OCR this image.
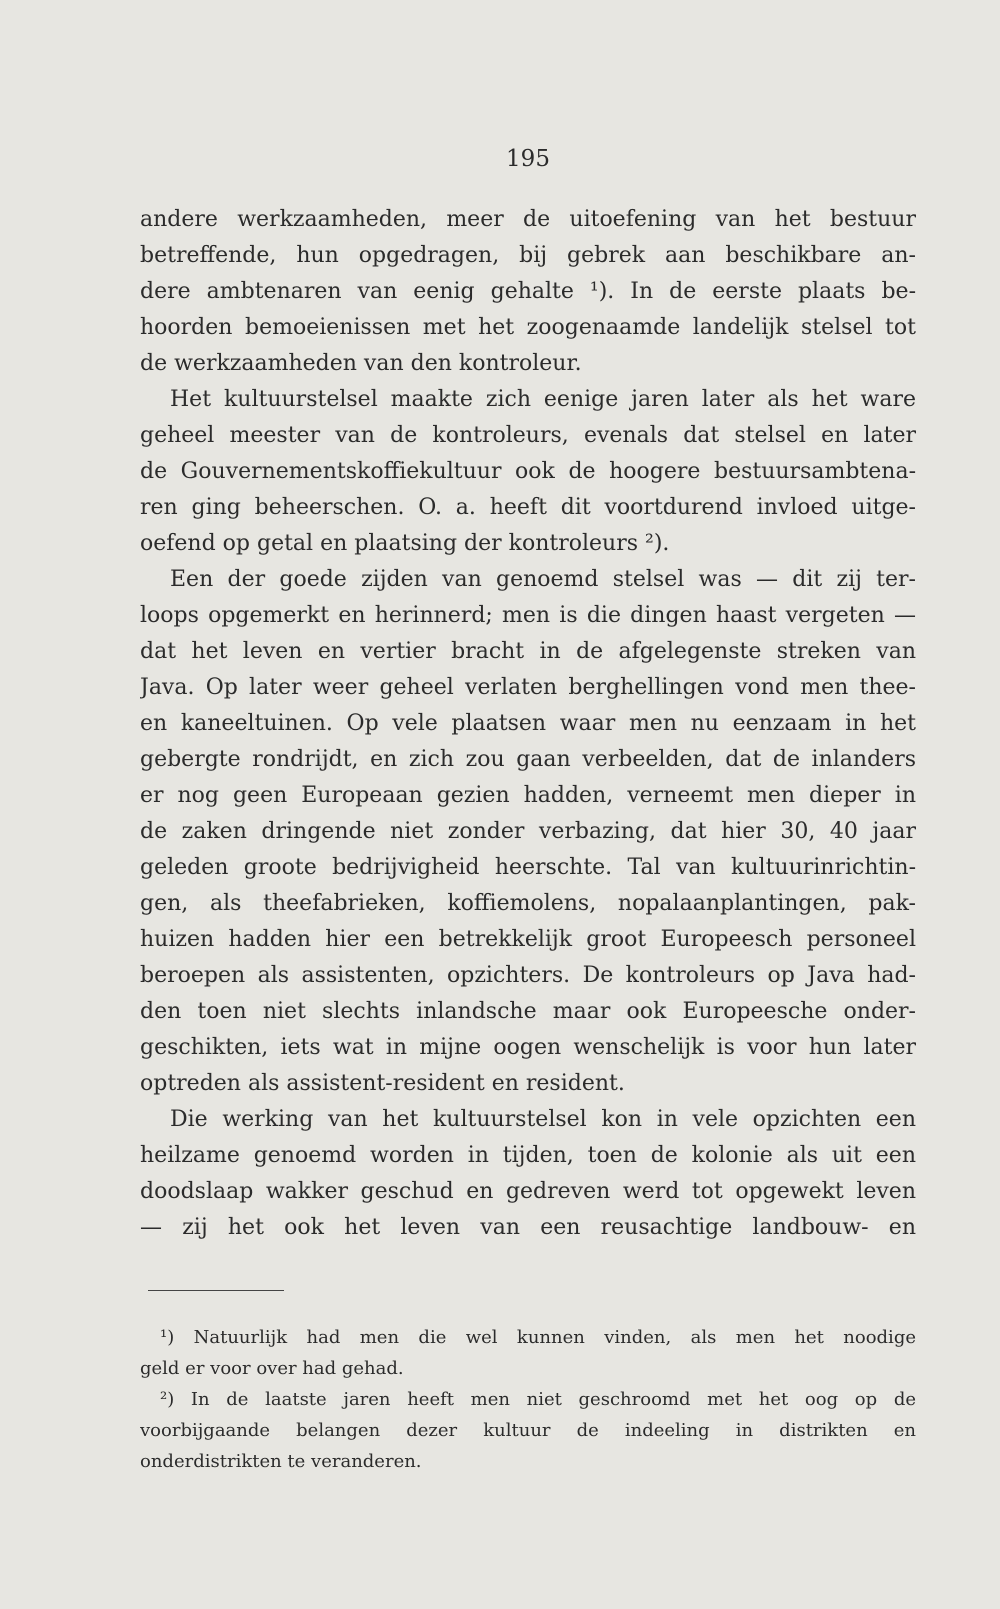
195
andere werkzaamheden, meer de uitoefening van het bestuur
betreffende, hun opgedragen, bij gebrek aan beschikbare an-
dere ambtenaren van eenig gehalte ¹). In de eerste plaats be-
hoorden bemoeienissen met het zoogenaamde landelijk stelsel tot
de werkzaamheden van den kontroleur.
Het kultuurstelsel maakte zich eenige jaren later als het ware
geheel meester van de kontroleurs, evenals dat stelsel en later
de Gouvernementskoffiekultuur ook de hoogere bestuursambtena-
ren ging beheerschen. O. a. heeft dit voortdurend invloed uitge-
oefend op getal en plaatsing der kontroleurs ²).
Een der goede zijden van genoemd stelsel was — dit zij ter-
loops opgemerkt en herinnerd; men is die dingen haast vergeten —
dat het leven en vertier bracht in de afgelegenste streken van
Java. Op later weer geheel verlaten berghellingen vond men thee-
en kaneeltuinen. Op vele plaatsen waar men nu eenzaam in het
gebergte rondrijdt, en zich zou gaan verbeelden, dat de inlanders
er nog geen Europeaan gezien hadden, verneemt men dieper in
de zaken dringende niet zonder verbazing, dat hier 30, 40 jaar
geleden groote bedrijvigheid heerschte. Tal van kultuurinrichtin-
gen, als theefabrieken, koffiemolens, nopalaanplantingen, pak-
huizen hadden hier een betrekkelijk groot Europeesch personeel
beroepen als assistenten, opzichters. De kontroleurs op Java had-
den toen niet slechts inlandsche maar ook Europeesche onder-
geschikten, iets wat in mijne oogen wenschelijk is voor hun later
optreden als assistent-resident en resident.
Die werking van het kultuurstelsel kon in vele opzichten een
heilzame genoemd worden in tijden, toen de kolonie als uit een
doodslaap wakker geschud en gedreven werd tot opgewekt leven
— zij het ook het leven van een reusachtige landbouw- en
¹) Natuurlijk had men die wel kunnen vinden, als men het noodige
geld er voor over had gehad.
²) In de laatste jaren heeft men niet geschroomd met het oog op de
voorbijgaande belangen dezer kultuur de indeeling in distrikten en
onderdistrikten te veranderen.
